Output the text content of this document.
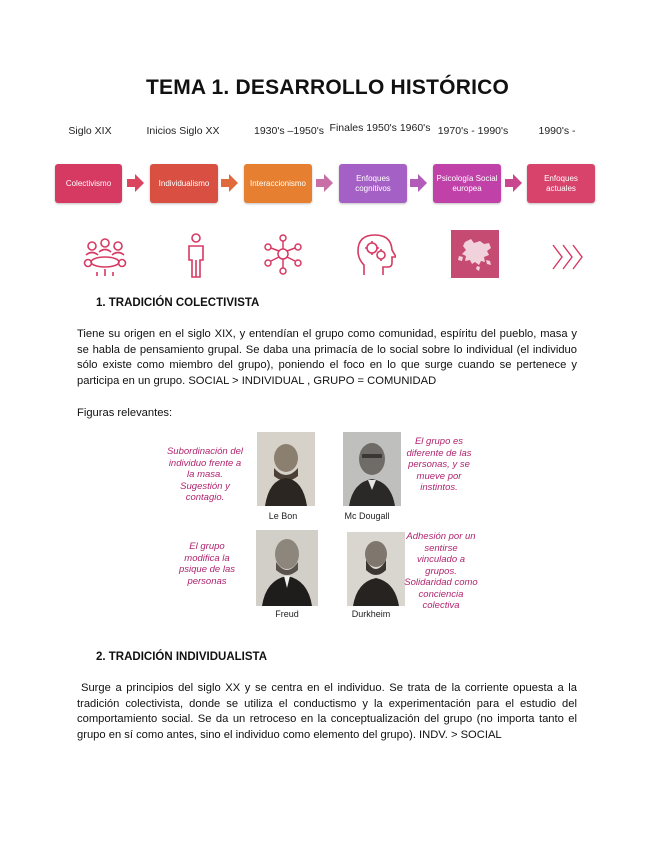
TEMA 1. DESARROLLO HISTÓRICO
Siglo XIX	Inicios Siglo XX	1930's –1950's Finales 1950's 1960's 1970's - 1990's	1990's -
Colectivismo	Individualismo	Interaccionismo
Enfoques cognitivos
Psicología Social europea
Enfoques actuales
1. TRADICIÓN COLECTIVISTA
Tiene su origen en el siglo XIX, y entendían el grupo como comunidad, espíritu del pueblo, masa y se habla de pensamiento grupal. Se daba una primacía de lo social sobre lo individual (el individuo sólo existe como miembro del grupo), poniendo el foco en lo que surge cuando se pertenece y participa en un grupo. SOCIAL > INDIVIDUAL , GRUPO = COMUNIDAD
Figuras relevantes:
Subordinación del individuo frente a la masa. Sugestión y contagio.
Le Bon	Mc Dougall
El grupo es diferente de las personas, y se mueve por instintos.
El grupo modifica la psique de las personas
Freud	Durkheim
Adhesión por un sentirse vinculado a grupos. Solidaridad como conciencia colectiva
2. TRADICIÓN INDIVIDUALISTA
Surge a principios del siglo XX y se centra en el individuo. Se trata de la corriente opuesta a la tradición colectivista, donde se utiliza el conductismo y la experimentación para el estudio del comportamiento social. Se da un retroceso en la conceptualización del grupo (no importa tanto el grupo en sí como antes, sino el individuo como elemento del grupo). INDV. > SOCIAL
